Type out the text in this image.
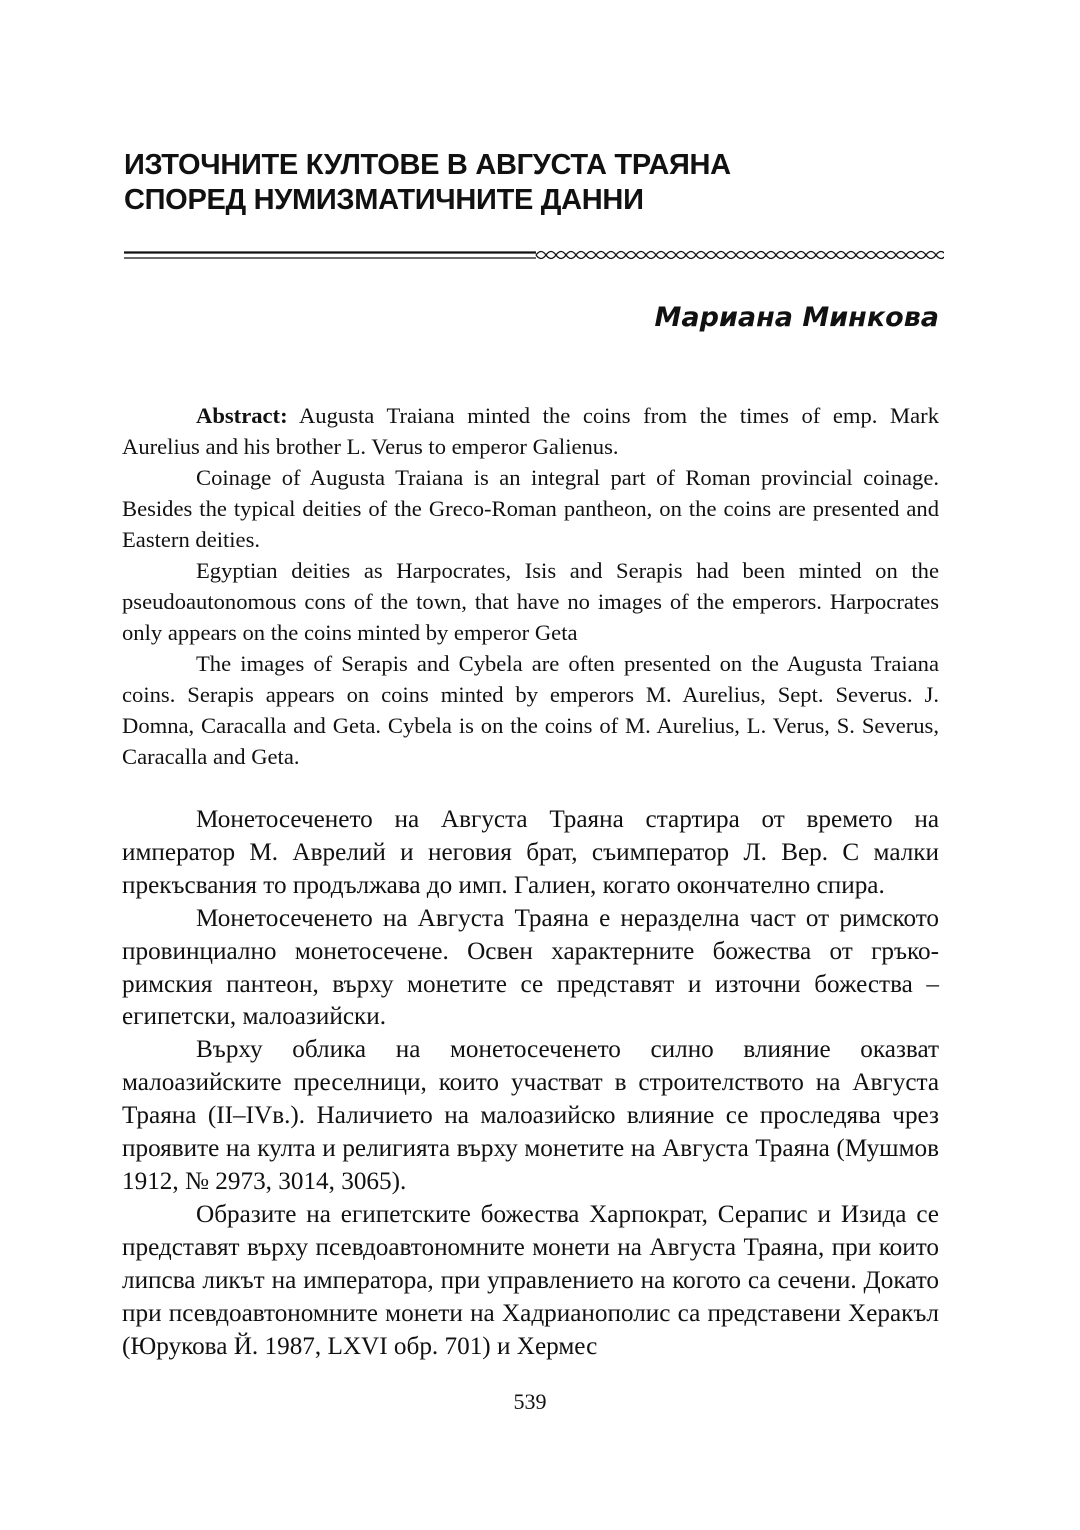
ИЗТОЧНИТЕ КУЛТОВЕ В АВГУСТА ТРАЯНА
СПОРЕД НУМИЗМАТИЧНИТЕ ДАННИ
Мариана Минкова

Abstract: Augusta Traiana minted the coins from the times of emp. Mark Aurelius and his brother L. Verus to emperor Galienus.

Coinage of Augusta Traiana is an integral part of Roman provincial coinage. Besides the typical deities of the Greco-Roman pantheon, on the coins are presented and Eastern deities.

Egyptian deities as Harpocrates, Isis and Serapis had been minted on the pseudoautonomous cons of the town, that have no images of the emperors. Harpocrates only appears on the coins minted by emperor Geta

The images of Serapis and Cybela are often presented on the Augusta Traiana coins. Serapis appears on coins minted by emperors M. Aurelius, Sept. Severus. J. Domna, Caracalla and Geta. Cybela is on the coins of M. Aurelius, L. Verus, S. Severus, Caracalla and Geta.

Монетосеченето на Августа Траяна стартира от времето на император М. Аврелий и неговия брат, съимператор Л. Вер. С малки прекъсвания то продължава до имп. Галиен, когато окончателно спира.

Монетосеченето на Августа Траяна е неразделна част от римското провинциално монетосечене. Освен характерните божества от гръко-римския пантеон, върху монетите се представят и източни божества – египетски, малоазийски.

Върху облика на монетосеченето силно влияние оказват малоазийските преселници, които участват в строителството на Августа Траяна (II–IVв.). Наличието на малоазийско влияние се проследява чрез проявите на култа и религията върху монетите на Августа Траяна (Мушмов 1912, № 2973, 3014, 3065).

Образите на египетските божества Харпократ, Серапис и Изида се представят върху псевдоавтономните монети на Августа Траяна, при които липсва ликът на императора, при управлението на когото са сечени. Докато при псевдоавтономните монети на Хадрианополис са представени Херакъл (Юрукова Й. 1987, LXVI обр. 701) и Хермес

539
